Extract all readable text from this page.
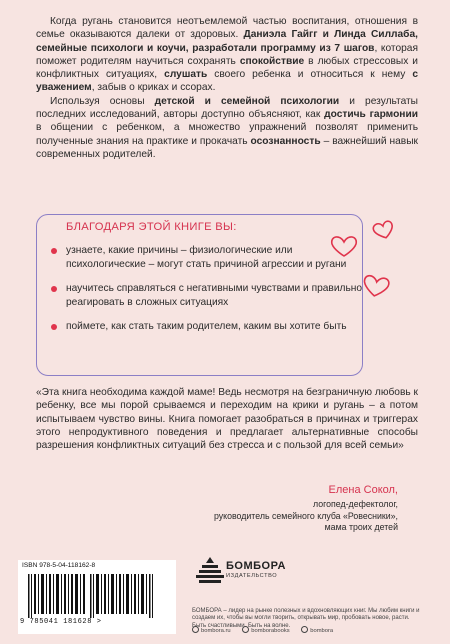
Когда ругань становится неотъемлемой частью воспитания, отношения в семье оказываются далеки от здоровых. Даниэла Гайгг и Линда Силлаба, семейные психологи и коучи, разработали программу из 7 шагов, которая поможет родителям научиться сохранять спокойствие в любых стрессовых и конфликтных ситуациях, слушать своего ребенка и относиться к нему с уважением, забыв о криках и ссорах.

Используя основы детской и семейной психологии и результаты последних исследований, авторы доступно объясняют, как достичь гармонии в общении с ребенком, а множество упражнений позволят применить полученные знания на практике и прокачать осознанность – важнейший навык современных родителей.

БЛАГОДАРЯ ЭТОЙ КНИГЕ ВЫ:
узнаете, какие причины – физиологические или психологические – могут стать причиной агрессии и ругани
научитесь справляться с негативными чувствами и правильно реагировать в сложных ситуациях
поймете, как стать таким родителем, каким вы хотите быть

«Эта книга необходима каждой маме! Ведь несмотря на безграничную любовь к ребенку, все мы порой срываемся и переходим на крики и ругань – а потом испытываем чувство вины. Книга помогает разобраться в причинах и триггерах этого непродуктивного поведения и предлагает альтернативные способы разрешения конфликтных ситуаций без стресса и с пользой для всей семьи»

Елена Сокол,
логопед-дефектолог,
руководитель семейного клуба «Ровесники»,
мама троих детей
ISBN 978-5-04-118162-8
9 785041 181628 >
БОМБОРА
ИЗДАТЕЛЬСТВО
БОМБОРА – лидер на рынке полезных и вдохновляющих книг. Мы любим книги и создаем их, чтобы вы могли творить, открывать мир, пробовать новое, расти. Быть счастливыми. Быть на волне.
bombora.ru	bomborabooks	bombora
